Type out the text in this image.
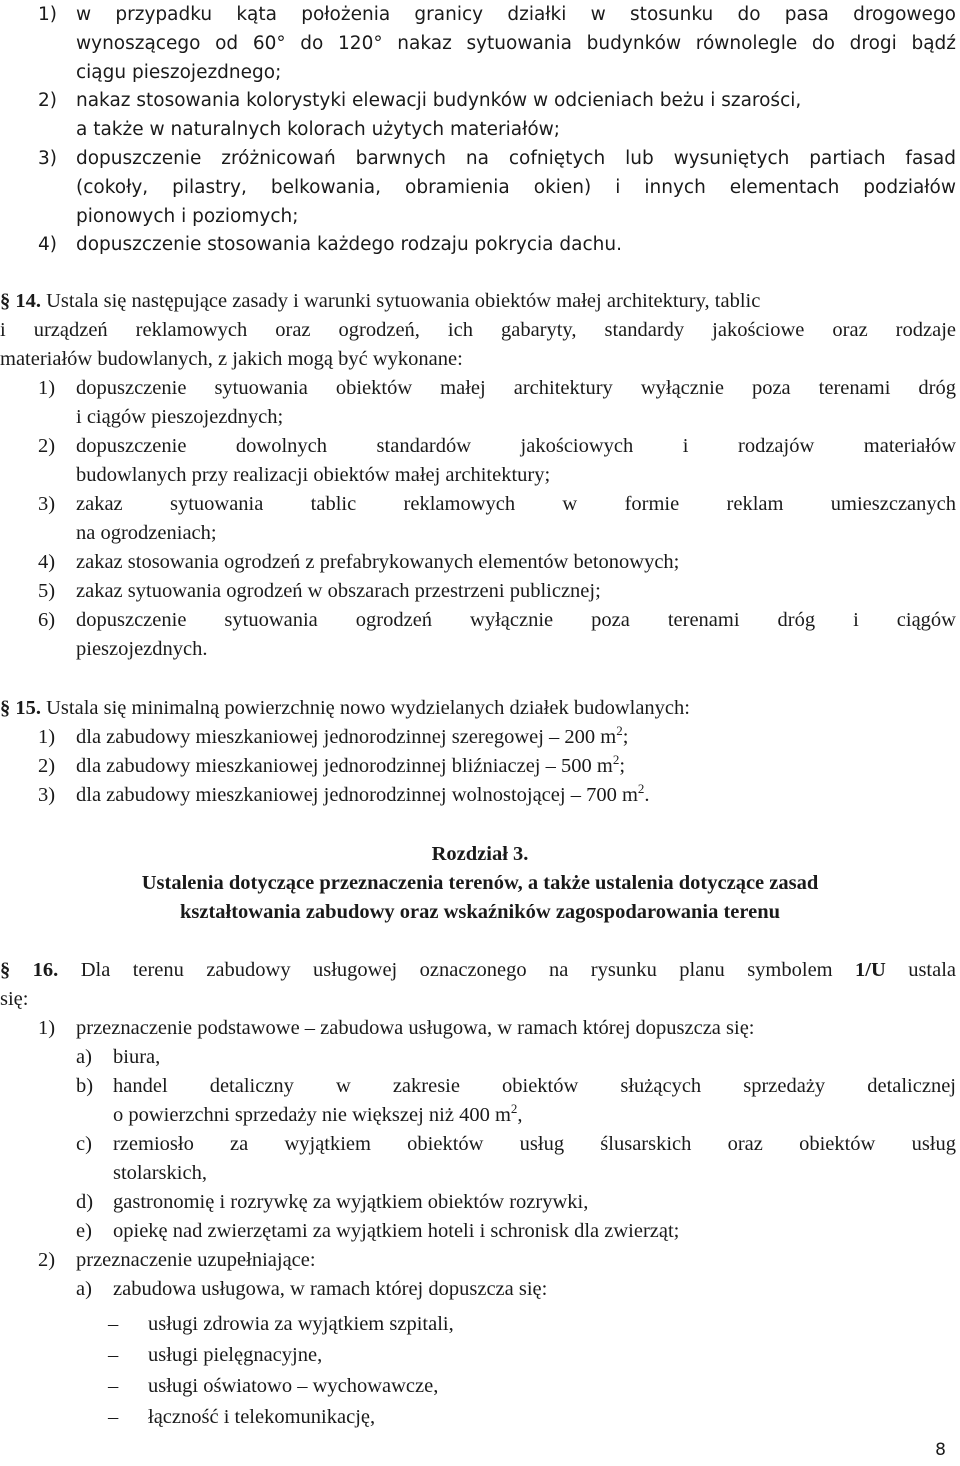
1) w przypadku kąta położenia granicy działki w stosunku do pasa drogowego
wynoszącego od 60° do 120° nakaz sytuowania budynków równolegle do drogi bądź
ciągu pieszojezdnego;
2) nakaz stosowania kolorystyki elewacji budynków w odcieniach beżu i szarości,
a także w naturalnych kolorach użytych materiałów;
3) dopuszczenie zróżnicowań barwnych na cofniętych lub wysuniętych partiach fasad
(cokoły, pilastry, belkowania, obramienia okien) i innych elementach podziałów
pionowych i poziomych;
4) dopuszczenie stosowania każdego rodzaju pokrycia dachu.
§ 14. Ustala się następujące zasady i warunki sytuowania obiektów małej architektury, tablic
i urządzeń reklamowych oraz ogrodzeń, ich gabaryty, standardy jakościowe oraz rodzaje
materiałów budowlanych, z jakich mogą być wykonane:
1) dopuszczenie sytuowania obiektów małej architektury wyłącznie poza terenami dróg
i ciągów pieszojezdnych;
2) dopuszczenie dowolnych standardów jakościowych i rodzajów materiałów
budowlanych przy realizacji obiektów małej architektury;
3) zakaz sytuowania tablic reklamowych w formie reklam umieszczanych
na ogrodzeniach;
4) zakaz stosowania ogrodzeń z prefabrykowanych elementów betonowych;
5) zakaz sytuowania ogrodzeń w obszarach przestrzeni publicznej;
6) dopuszczenie sytuowania ogrodzeń wyłącznie poza terenami dróg i ciągów
pieszojezdnych.
§ 15. Ustala się minimalną powierzchnię nowo wydzielanych działek budowlanych:
1) dla zabudowy mieszkaniowej jednorodzinnej szeregowej – 200 $m^2$;
2) dla zabudowy mieszkaniowej jednorodzinnej bliźniaczej – 500 $m^2$;
3) dla zabudowy mieszkaniowej jednorodzinnej wolnostojącej – 700 $m^2$.
Rozdział 3.
Ustalenia dotyczące przeznaczenia terenów, a także ustalenia dotyczące zasad
kształtowania zabudowy oraz wskaźników zagospodarowania terenu
§ 16. Dla terenu zabudowy usługowej oznaczonego na rysunku planu symbolem 1/U ustala
się:
1) przeznaczenie podstawowe – zabudowa usługowa, w ramach której dopuszcza się:
a) biura,
b) handel detaliczny w zakresie obiektów służących sprzedaży detalicznej
o powierzchni sprzedaży nie większej niż 400 $m^2$,
c) rzemiosło za wyjątkiem obiektów usług ślusarskich oraz obiektów usług
stolarskich,
d) gastronomię i rozrywkę za wyjątkiem obiektów rozrywki,
e) opiekę nad zwierzętami za wyjątkiem hoteli i schronisk dla zwierząt;
2) przeznaczenie uzupełniające:
a) zabudowa usługowa, w ramach której dopuszcza się:
– usługi zdrowia za wyjątkiem szpitali,
– usługi pielęgnacyjne,
– usługi oświatowo – wychowawcze,
– łączność i telekomunikację,
8
